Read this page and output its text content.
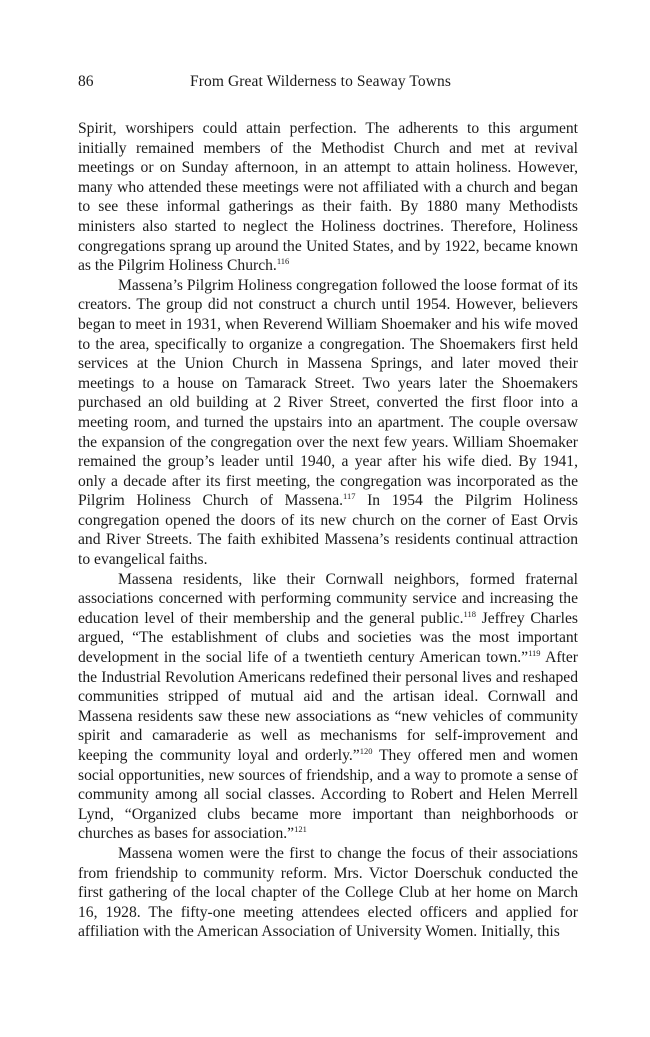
86	From Great Wilderness to Seaway Towns

Spirit, worshipers could attain perfection. The adherents to this argument initially remained members of the Methodist Church and met at revival meetings or on Sunday afternoon, in an attempt to attain holiness. However, many who attended these meetings were not affiliated with a church and began to see these informal gatherings as their faith. By 1880 many Methodists ministers also started to neglect the Holiness doctrines. Therefore, Holiness congregations sprang up around the United States, and by 1922, became known as the Pilgrim Holiness Church.$^{116}$

Massena’s Pilgrim Holiness congregation followed the loose format of its creators. The group did not construct a church until 1954. However, believers began to meet in 1931, when Reverend William Shoemaker and his wife moved to the area, specifically to organize a congregation. The Shoemakers first held services at the Union Church in Massena Springs, and later moved their meetings to a house on Tamarack Street. Two years later the Shoemakers purchased an old building at 2 River Street, converted the first floor into a meeting room, and turned the upstairs into an apartment. The couple oversaw the expansion of the congregation over the next few years. William Shoemaker remained the group’s leader until 1940, a year after his wife died. By 1941, only a decade after its first meeting, the congregation was incorporated as the Pilgrim Holiness Church of Massena.$^{117}$ In 1954 the Pilgrim Holiness congregation opened the doors of its new church on the corner of East Orvis and River Streets. The faith exhibited Massena’s residents continual attraction to evangelical faiths.

Massena residents, like their Cornwall neighbors, formed fraternal associations concerned with performing community service and increasing the education level of their membership and the general public.$^{118}$ Jeffrey Charles argued, “The establishment of clubs and societies was the most important development in the social life of a twentieth century American town.”$^{119}$ After the Industrial Revolution Americans redefined their personal lives and reshaped communities stripped of mutual aid and the artisan ideal. Cornwall and Massena residents saw these new associations as “new vehicles of community spirit and camaraderie as well as mechanisms for self-improvement and keeping the community loyal and orderly.”$^{120}$ They offered men and women social opportunities, new sources of friendship, and a way to promote a sense of community among all social classes. According to Robert and Helen Merrell Lynd, “Organized clubs became more important than neighborhoods or churches as bases for association.”$^{121}$

Massena women were the first to change the focus of their associations from friendship to community reform. Mrs. Victor Doerschuk conducted the first gathering of the local chapter of the College Club at her home on March 16, 1928. The fifty-one meeting attendees elected officers and applied for affiliation with the American Association of University Women. Initially, this
